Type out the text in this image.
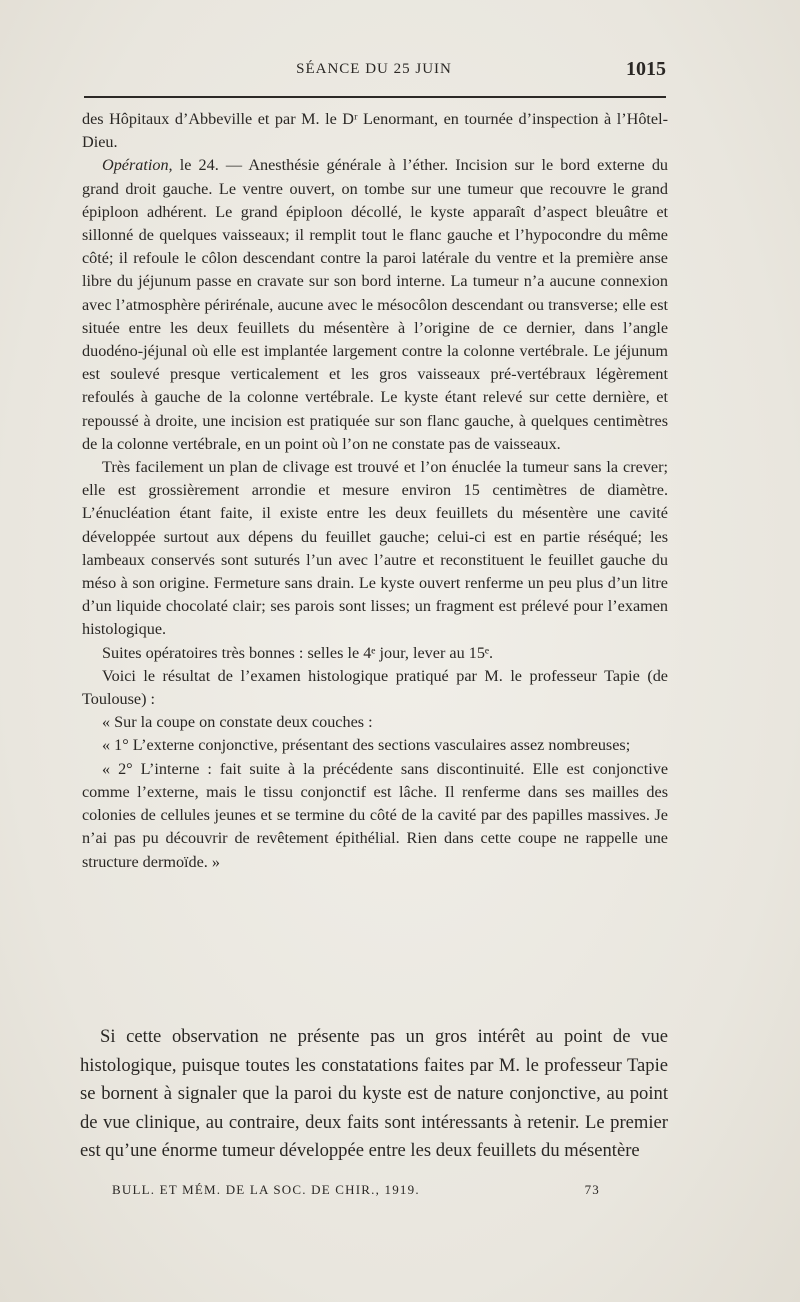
SÉANCE DU 25 JUIN	1015

des Hôpitaux d’Abbeville et par M. le Dʳ Lenormant, en tournée d’inspection à l’Hôtel-Dieu.

Opération, le 24. — Anesthésie générale à l’éther. Incision sur le bord externe du grand droit gauche. Le ventre ouvert, on tombe sur une tumeur que recouvre le grand épiploon adhérent. Le grand épiploon décollé, le kyste apparaît d’aspect bleuâtre et sillonné de quelques vaisseaux; il remplit tout le flanc gauche et l’hypocondre du même côté; il refoule le côlon descendant contre la paroi latérale du ventre et la première anse libre du jéjunum passe en cravate sur son bord interne. La tumeur n’a aucune connexion avec l’atmosphère périrénale, aucune avec le mésocôlon descendant ou transverse; elle est située entre les deux feuillets du mésentère à l’origine de ce dernier, dans l’angle duodéno-jéjunal où elle est implantée largement contre la colonne vertébrale. Le jéjunum est soulevé presque verticalement et les gros vaisseaux pré-vertébraux légèrement refoulés à gauche de la colonne vertébrale. Le kyste étant relevé sur cette dernière, et repoussé à droite, une incision est pratiquée sur son flanc gauche, à quelques centimètres de la colonne vertébrale, en un point où l’on ne constate pas de vaisseaux.

Très facilement un plan de clivage est trouvé et l’on énuclée la tumeur sans la crever; elle est grossièrement arrondie et mesure environ 15 centimètres de diamètre. L’énucléation étant faite, il existe entre les deux feuillets du mésentère une cavité développée surtout aux dépens du feuillet gauche; celui-ci est en partie réséqué; les lambeaux conservés sont suturés l’un avec l’autre et reconstituent le feuillet gauche du méso à son origine. Fermeture sans drain. Le kyste ouvert renferme un peu plus d’un litre d’un liquide chocolaté clair; ses parois sont lisses; un fragment est prélevé pour l’examen histologique.

Suites opératoires très bonnes : selles le 4ᵉ jour, lever au 15ᵉ.

Voici le résultat de l’examen histologique pratiqué par M. le professeur Tapie (de Toulouse) :

« Sur la coupe on constate deux couches :

« 1° L’externe conjonctive, présentant des sections vasculaires assez nombreuses;

« 2° L’interne : fait suite à la précédente sans discontinuité. Elle est conjonctive comme l’externe, mais le tissu conjonctif est lâche. Il renferme dans ses mailles des colonies de cellules jeunes et se termine du côté de la cavité par des papilles massives. Je n’ai pas pu découvrir de revêtement épithélial. Rien dans cette coupe ne rappelle une structure dermoïde. »

Si cette observation ne présente pas un gros intérêt au point de vue histologique, puisque toutes les constatations faites par M. le professeur Tapie se bornent à signaler que la paroi du kyste est de nature conjonctive, au point de vue clinique, au contraire, deux faits sont intéressants à retenir. Le premier est qu’une énorme tumeur développée entre les deux feuillets du mésentère

BULL. ET MÉM. DE LA SOC. DE CHIR., 1919.	73
